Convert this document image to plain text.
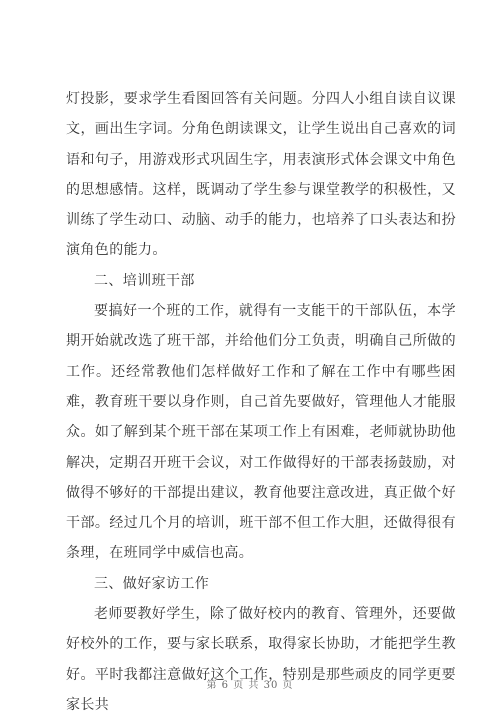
灯投影，要求学生看图回答有关问题。分四人小组自读自议课文，画出生字词。分角色朗读课文，让学生说出自己喜欢的词语和句子，用游戏形式巩固生字，用表演形式体会课文中角色的思想感情。这样，既调动了学生参与课堂教学的积极性，又训练了学生动口、动脑、动手的能力，也培养了口头表达和扮演角色的能力。

二、培训班干部

要搞好一个班的工作，就得有一支能干的干部队伍，本学期开始就改选了班干部，并给他们分工负责，明确自己所做的工作。还经常教他们怎样做好工作和了解在工作中有哪些困难，教育班干要以身作则，自己首先要做好，管理他人才能服众。如了解到某个班干部在某项工作上有困难，老师就协助他解决，定期召开班干会议，对工作做得好的干部表扬鼓励，对做得不够好的干部提出建议，教育他要注意改进，真正做个好干部。经过几个月的培训，班干部不但工作大胆，还做得很有条理，在班同学中威信也高。

三、做好家访工作

老师要教好学生，除了做好校内的教育、管理外，还要做好校外的工作，要与家长联系，取得家长协助，才能把学生教好。平时我都注意做好这个工作，特别是那些顽皮的同学更要家长共

第 6 页 共 30 页
